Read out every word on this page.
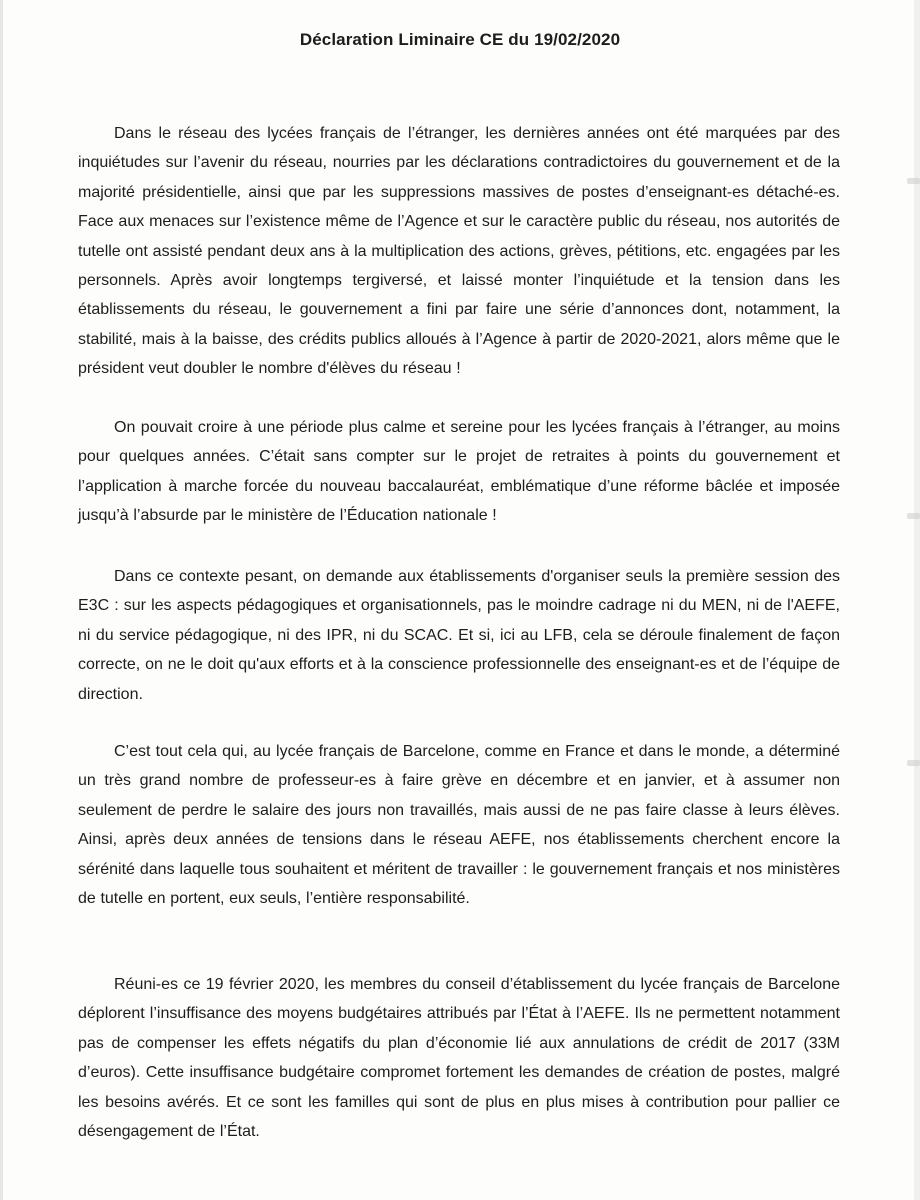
Déclaration Liminaire CE du 19/02/2020

Dans le réseau des lycées français de l’étranger, les dernières années ont été marquées par des inquiétudes sur l’avenir du réseau, nourries par les déclarations contradictoires du gouvernement et de la majorité présidentielle, ainsi que par les suppressions massives de postes d’enseignant-es détaché-es. Face aux menaces sur l’existence même de l’Agence et sur le caractère public du réseau, nos autorités de tutelle ont assisté pendant deux ans à la multiplication des actions, grèves, pétitions, etc. engagées par les personnels. Après avoir longtemps tergiversé, et laissé monter l’inquiétude et la tension dans les établissements du réseau, le gouvernement a fini par faire une série d’annonces dont, notamment, la stabilité, mais à la baisse, des crédits publics alloués à l’Agence à partir de 2020-2021, alors même que le président veut doubler le nombre d'élèves du réseau !

On pouvait croire à une période plus calme et sereine pour les lycées français à l’étranger, au moins pour quelques années. C’était sans compter sur le projet de retraites à points du gouvernement et l’application à marche forcée du nouveau baccalauréat, emblématique d’une réforme bâclée et imposée jusqu’à l’absurde par le ministère de l’Éducation nationale !

Dans ce contexte pesant, on demande aux établissements d'organiser seuls la première session des E3C : sur les aspects pédagogiques et organisationnels, pas le moindre cadrage ni du MEN, ni de l'AEFE, ni du service pédagogique, ni des IPR, ni du SCAC. Et si, ici au LFB, cela se déroule finalement de façon correcte, on ne le doit qu'aux efforts et à la conscience professionnelle des enseignant-es et de l’équipe de direction.

C’est tout cela qui, au lycée français de Barcelone, comme en France et dans le monde, a déterminé un très grand nombre de professeur-es à faire grève en décembre et en janvier, et à assumer non seulement de perdre le salaire des jours non travaillés, mais aussi de ne pas faire classe à leurs élèves. Ainsi, après deux années de tensions dans le réseau AEFE, nos établissements cherchent encore la sérénité dans laquelle tous souhaitent et méritent de travailler : le gouvernement français et nos ministères de tutelle en portent, eux seuls, l’entière responsabilité.

Réuni-es ce 19 février 2020, les membres du conseil d’établissement du lycée français de Barcelone déplorent l’insuffisance des moyens budgétaires attribués par l’État à l’AEFE. Ils ne permettent notamment pas de compenser les effets négatifs du plan d’économie lié aux annulations de crédit de 2017 (33M d’euros). Cette insuffisance budgétaire compromet fortement les demandes de création de postes, malgré les besoins avérés. Et ce sont les familles qui sont de plus en plus mises à contribution pour pallier ce désengagement de l’État.
